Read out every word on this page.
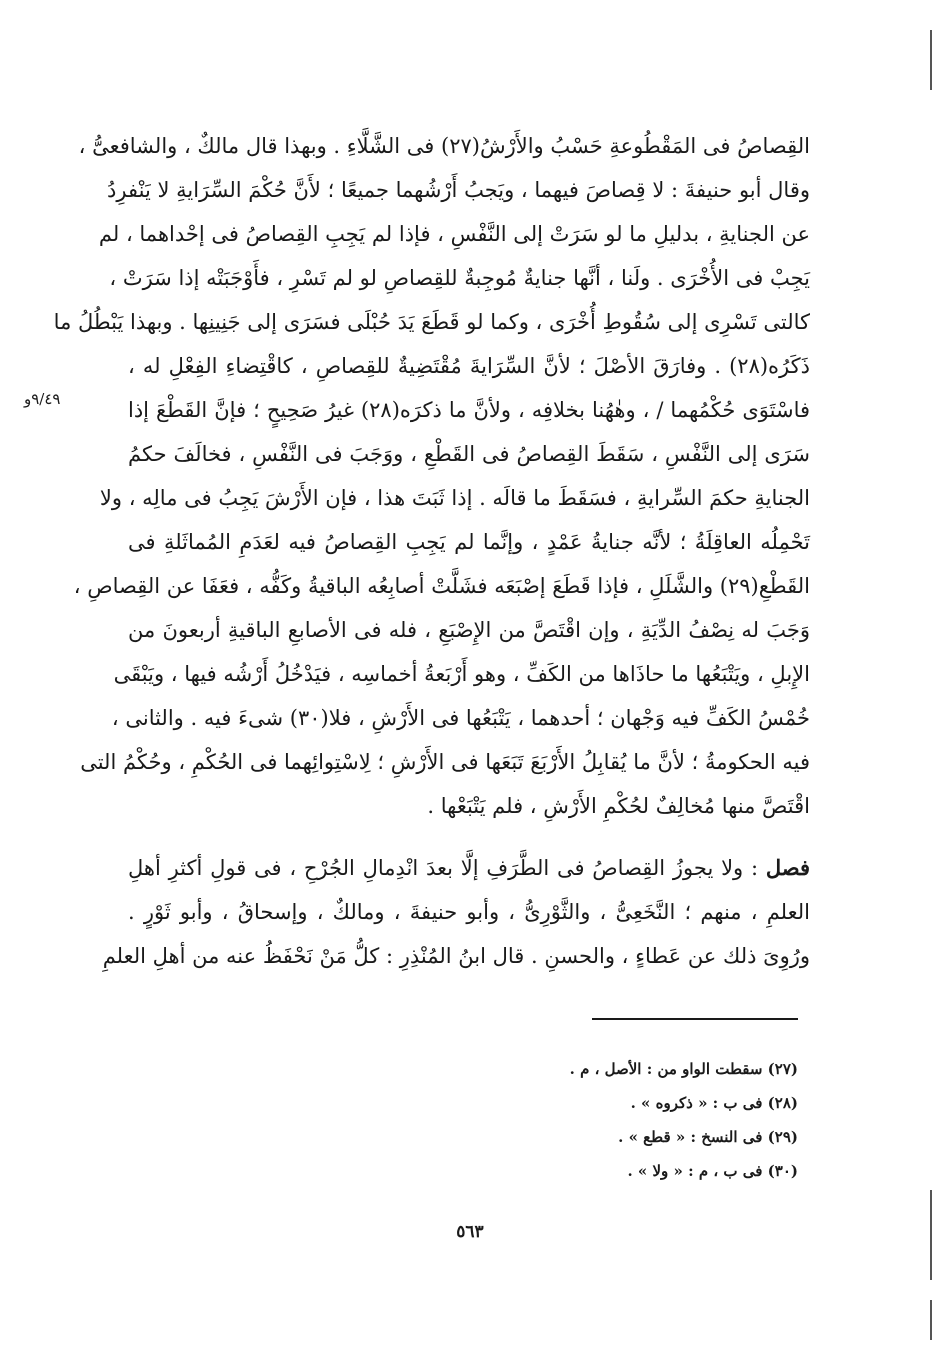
٩/٤٩و
القِصاصُ فى المَقْطُوعةِ حَسْبُ والأَرْشُ(٢٧) فى الشَّلَّاءِ . وبهذا قال مالكٌ ، والشافعىُّ ،
وقال أبو حنيفةَ : لا قِصاصَ فيهما ، ويَجبُ أَرْشُهما جميعًا ؛ لأَنَّ حُكْمَ السِّرَايةِ لا يَنْفرِدُ
عن الجنايةِ ، بدليلِ ما لو سَرَتْ إلى النَّفْسِ ، فإذا لم يَجِبِ القِصاصُ فى إحْداهما ، لم
يَجِبْ فى الأُخْرَى . ولَنا ، أنَّها جنايةٌ مُوجِبةٌ للقِصاصِ لو لم تَسْرِ ، فأَوْجَبَتْه إذا سَرَتْ ،
كالتى تَسْرِى إلى سُقُوطِ أُخْرَى ، وكما لو قَطَعَ يَدَ حُبْلَى فسَرَى إلى جَنِينِها . وبهذا يَبْطُلُ ما
ذَكَرُه(٢٨) . وفارَقَ الأصْلَ ؛ لأنَّ السِّرَايةَ مُقْتَضِيةٌ للقِصاصِ ، كاقْتِضاءِ الفِعْلِ له ،
فاسْتَوَى حُكْمُهما / ، وهٰهُنا بخلافِه ، ولأنَّ ما ذكرَه(٢٨) غيرُ صَحِيحٍ ؛ فإنَّ القَطْعَ إذا
سَرَى إلى النَّفْسِ ، سَقَطَ القِصاصُ فى القَطْعِ ، ووَجَبَ فى النَّفْسِ ، فخالَفَ حكمُ
الجنايةِ حكمَ السِّرايةِ ، فسَقَطَ ما قالَه . إذا ثَبَتَ هذا ، فإن الأَرْشَ يَجِبُ فى مالِه ، ولا
تَحْمِلُه العاقِلَةُ ؛ لأنَّه جنايةُ عَمْدٍ ، وإنَّما لم يَجِبِ القِصاصُ فيه لعَدَمِ المُماثَلةِ فى
القَطْعِ(٢٩) والشَّلَلِ ، فإذا قَطَعَ إصْبَعَه فشَلَّتْ أصابِعُه الباقيةُ وكَفُّه ، فعَفَا عن القِصاصِ ،
وَجَبَ له نِصْفُ الدِّيَةِ ، وإن اقْتَصَّ من الإِصْبَعِ ، فله فى الأصابعِ الباقيةِ أربعونَ من
الإِبلِ ، ويَتْبَعُها ما حاذَاها من الكَفِّ ، وهو أَرْبَعةُ أخماسِه ، فيَدْخُلُ أَرْشُه فيها ، ويَبْقَى
خُمْسُ الكَفِّ فيه وَجْهان ؛ أحدهما ، يَتْبَعُها فى الأَرْشِ ، فلا(٣٠) شىءَ فيه . والثانى ،
فيه الحكومةُ ؛ لأنَّ ما يُقابِلُ الأَرْبَعَ تَبَعَها فى الأَرْشِ ؛ لِاسْتِوائِهما فى الحُكْمِ ، وحُكْمُ التى
اقْتَصَّ منها مُخالِفٌ لحُكْمِ الأَرْشِ ، فلم يَتْبَعْها .
فصل : ولا يجوزُ القِصاصُ فى الطَّرَفِ إلَّا بعدَ انْدِمالِ الجُرْحِ ، فى قولِ أكثرِ أهلِ
العلمِ ، منهم ؛ النَّخَعِىُّ ، والثَّوْرِىُّ ، وأبو حنيفةَ ، ومالكٌ ، وإسحاقُ ، وأبو ثَوْرٍ .
ورُوِىَ ذلك عن عَطاءٍ ، والحسنِ . قال ابنُ المُنْذِرِ : كلُّ مَنْ نَحْفَظُ عنه من أهلِ العلمِ
(٢٧) سقطت الواو من : الأصل ، م .
(٢٨) فى ب : « ذكروه » .
(٢٩) فى النسخ : « قطع » .
(٣٠) فى ب ، م : « ولا » .
٥٦٣
